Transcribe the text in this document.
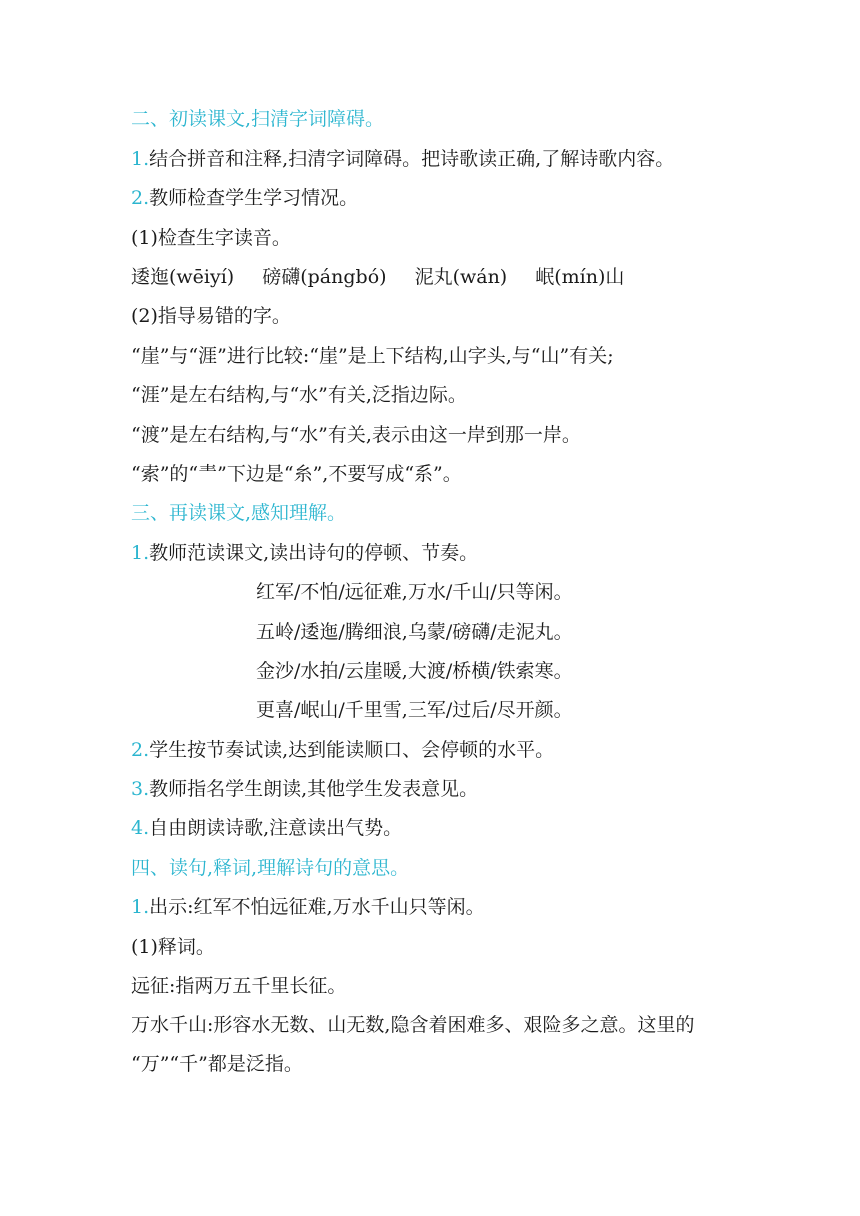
二、初读课文,扫清字词障碍。
1.结合拼音和注释,扫清字词障碍。把诗歌读正确,了解诗歌内容。
2.教师检查学生学习情况。
(1)检查生字读音。
逶迤(wēiyí) 磅礴(pángbó) 泥丸(wán) 岷(mín)山
(2)指导易错的字。
“崖”与“涯”进行比较:“崖”是上下结构,山字头,与“山”有关;
“涯”是左右结构,与“水”有关,泛指边际。
“渡”是左右结构,与“水”有关,表示由这一岸到那一岸。
“索”的“龶”下边是“糸”,不要写成“系”。
三、再读课文,感知理解。
1.教师范读课文,读出诗句的停顿、节奏。
红军/不怕/远征难,万水/千山/只等闲。
五岭/逶迤/腾细浪,乌蒙/磅礴/走泥丸。
金沙/水拍/云崖暖,大渡/桥横/铁索寒。
更喜/岷山/千里雪,三军/过后/尽开颜。
2.学生按节奏试读,达到能读顺口、会停顿的水平。
3.教师指名学生朗读,其他学生发表意见。
4.自由朗读诗歌,注意读出气势。
四、读句,释词,理解诗句的意思。
1.出示:红军不怕远征难,万水千山只等闲。
(1)释词。
远征:指两万五千里长征。
万水千山:形容水无数、山无数,隐含着困难多、艰险多之意。这里的
“万”“千”都是泛指。
